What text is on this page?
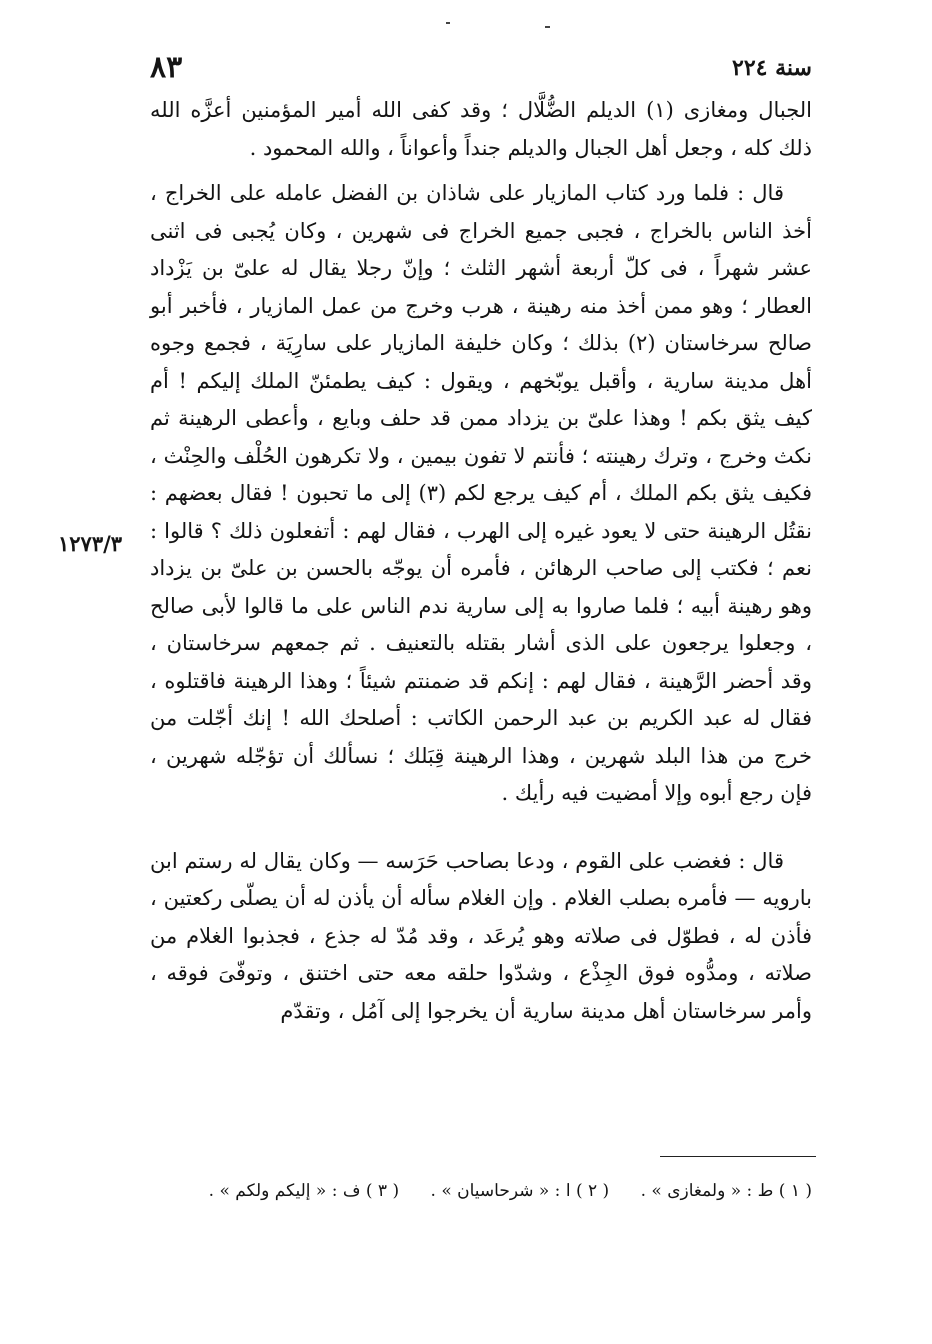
٨٣	سنة ٢٢٤

الجبال ومغازى (١) الديلم الضُّلَّال ؛ وقد كفى الله أمير المؤمنين أعزَّه الله ذلك كله ، وجعل أهل الجبال والديلم جنداً وأعواناً ، والله المحمود .

قال : فلما ورد كتاب المازيار على شاذان بن الفضل عامله على الخراج ، أخذ الناس بالخراج ، فجبى جميع الخراج فى شهرين ، وكان يُجبى فى اثنى عشر شهراً ، فى كلّ أربعة أشهر الثلث ؛ وإنّ رجلا يقال له علىّ بن يَزْداد العطار ؛ وهو ممن أخذ منه رهينة ، هرب وخرج من عمل المازيار ، فأخبر أبو صالح سرخاستان (٢) بذلك ؛ وكان خليفة المازيار على سارِيَة ، فجمع وجوه أهل مدينة سارية ، وأقبل يوبّخهم ، ويقول : كيف يطمئنّ الملك إليكم ! أم كيف يثق بكم ! وهذا علىّ بن يزداد ممن قد حلف وبايع ، وأعطى الرهينة ثم نكث وخرج ، وترك رهينته ؛ فأنتم لا تفون بيمين ، ولا تكرهون الحُلْف والحِنْث ، فكيف يثق بكم الملك ، أم كيف يرجع لكم (٣) إلى ما تحبون ! فقال بعضهم : نقتُل الرهينة حتى لا يعود غيره إلى الهرب ، فقال لهم : أتفعلون ذلك ؟ قالوا : نعم ؛ فكتب إلى صاحب الرهائن ، فأمره أن يوجّه بالحسن بن علىّ بن يزداد وهو رهينة أبيه ؛ فلما صاروا به إلى سارية ندم الناس على ما قالوا لأبى صالح ، وجعلوا يرجعون على الذى أشار بقتله بالتعنيف . ثم جمعهم سرخاستان ، وقد أحضر الرَّهينة ، فقال لهم : إنكم قد ضمنتم شيئاً ؛ وهذا الرهينة فاقتلوه ، فقال له عبد الكريم بن عبد الرحمن الكاتب : أصلحك الله ! إنك أجّلت من خرج من هذا البلد شهرين ، وهذا الرهينة قِبَلك ؛ نسألك أن تؤجّله شهرين ، فإن رجع أبوه وإلا أمضيت فيه رأيك .

قال : فغضب على القوم ، ودعا بصاحب حَرَسه — وكان يقال له رستم ابن بارويه — فأمره بصلب الغلام . وإن الغلام سأله أن يأذن له أن يصلّى ركعتين ، فأذن له ، فطوّل فى صلاته وهو يُرعَد ، وقد مُدّ له جذع ، فجذبوا الغلام من صلاته ، ومدُّوه فوق الجِذْع ، وشدّوا حلقه معه حتى اختنق ، وتوفّىَ فوقه ، وأمر سرخاستان أهل مدينة سارية أن يخرجوا إلى آمُل ، وتقدّم

١٢٧٣/٣
( ١ ) ط : « ولمغازى » . ( ٢ ) ا : « شرحاسيان » . ( ٣ ) ف : « إليكم ولكم » .
